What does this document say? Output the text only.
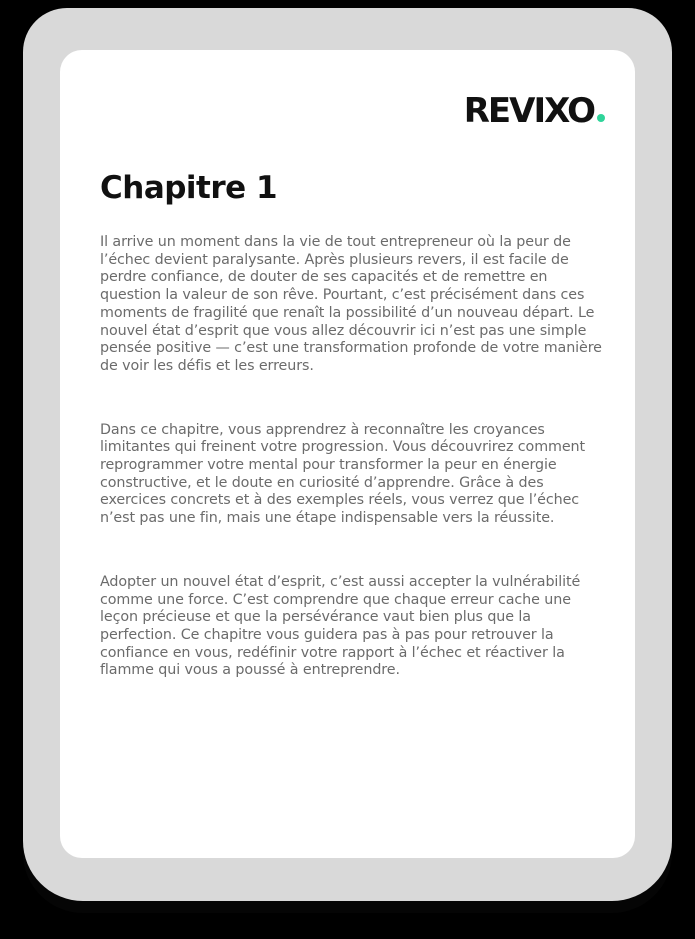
REVIXO
Chapitre 1

Il arrive un moment dans la vie de tout entrepreneur où la peur de l’échec devient paralysante. Après plusieurs revers, il est facile de perdre confiance, de douter de ses capacités et de remettre en question la valeur de son rêve. Pourtant, c’est précisément dans ces moments de fragilité que renaît la possibilité d’un nouveau départ. Le nouvel état d’esprit que vous allez découvrir ici n’est pas une simple pensée positive — c’est une transformation profonde de votre manière de voir les défis et les erreurs.

Dans ce chapitre, vous apprendrez à reconnaître les croyances limitantes qui freinent votre progression. Vous découvrirez comment reprogrammer votre mental pour transformer la peur en énergie constructive, et le doute en curiosité d’apprendre. Grâce à des exercices concrets et à des exemples réels, vous verrez que l’échec n’est pas une fin, mais une étape indispensable vers la réussite.

Adopter un nouvel état d’esprit, c’est aussi accepter la vulnérabilité comme une force. C’est comprendre que chaque erreur cache une leçon précieuse et que la persévérance vaut bien plus que la perfection. Ce chapitre vous guidera pas à pas pour retrouver la confiance en vous, redéfinir votre rapport à l’échec et réactiver la flamme qui vous a poussé à entreprendre.
